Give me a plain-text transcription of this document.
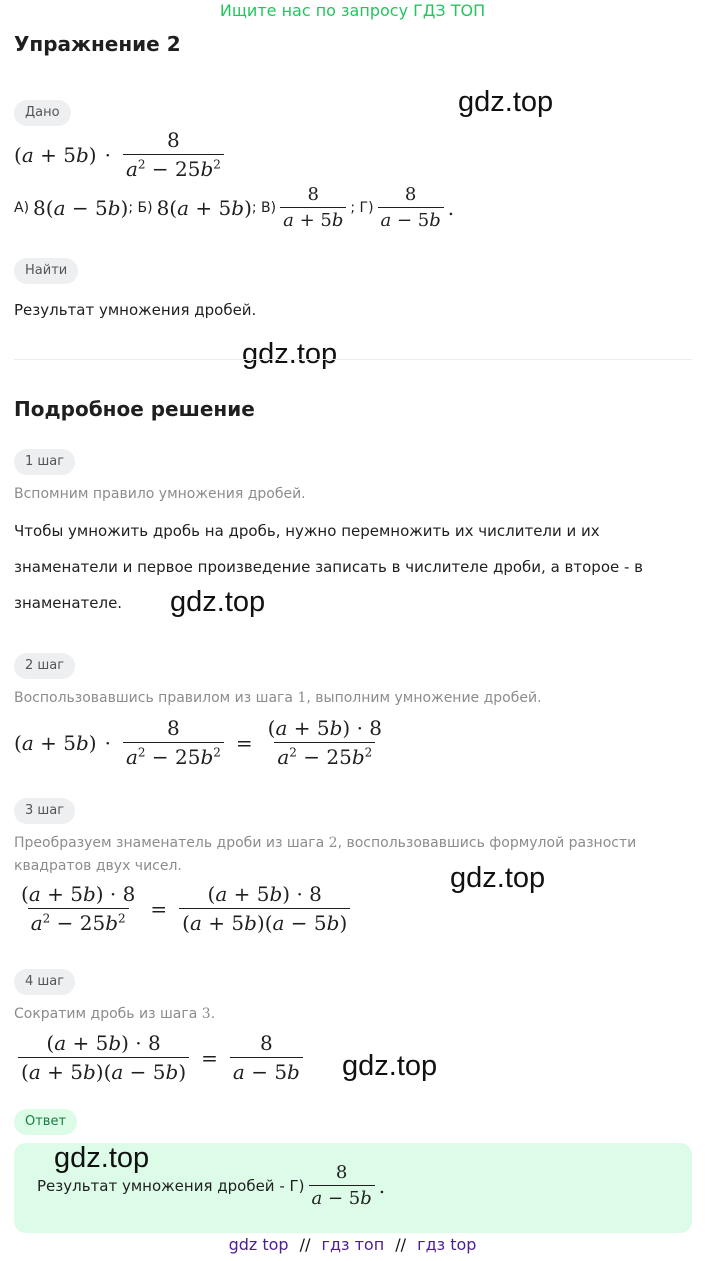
Ищите нас по запросу ГДЗ ТОП
Упражнение 2
gdz.top
Дано
$(a + 5b) \cdot \frac{8}{a^2 - 25b^2}$
А) 8(a − 5b) ; Б) 8(a + 5b) ; $В) \frac{8}{a + 5b}$ ; $Г) \frac{8}{a - 5b}$ .
Найти
Результат умножения дробей.
gdz.top
Подробное решение
1 шаг
Вспомним правило умножения дробей.
Чтобы умножить дробь на дробь, нужно перемножить их числители и их
знаменатели и первое произведение записать в числителе дроби, а второе - в
знаменателе. gdz.top
2 шаг
Воспользовавшись правилом из шага 1, выполним умножение дробей.
$(a + 5b) \cdot \frac{8}{a^2 - 25b^2} = \frac{(a + 5b) \cdot 8}{a^2 - 25b^2}$
3 шаг
Преобразуем знаменатель дроби из шага 2, воспользовавшись формулой разности
квадратов двух чисел.
$\frac{(a + 5b) \cdot 8}{a^2 - 25b^2} = \frac{(a + 5b) \cdot 8}{(a + 5b)(a - 5b)}$
gdz.top
4 шаг
Сократим дробь из шага 3.
$\frac{(a + 5b) \cdot 8}{(a + 5b)(a - 5b)} = \frac{8}{a - 5b} gdz.top$
Ответ
gdz.top
Результат умножения дробей - $Г) \frac{8}{a - 5b}$ .
gdz top // гдз топ // гдз top
